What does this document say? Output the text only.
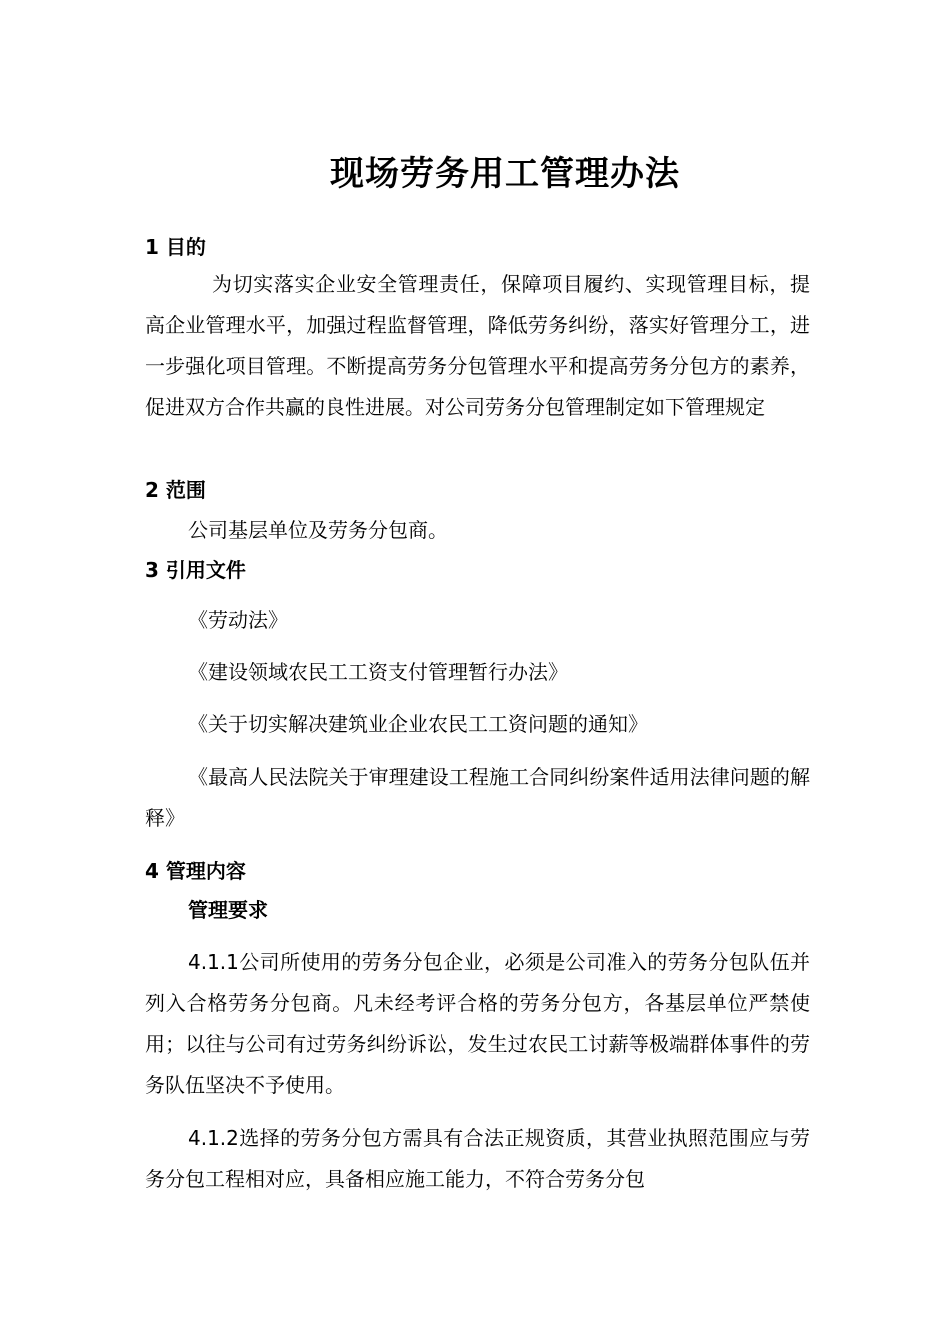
现场劳务用工管理办法
1 目的
为切实落实企业安全管理责任，保障项目履约、实现管理目标，提高企业管理水平，加强过程监督管理，降低劳务纠纷，落实好管理分工，进一步强化项目管理。不断提高劳务分包管理水平和提高劳务分包方的素养，促进双方合作共赢的良性进展。对公司劳务分包管理制定如下管理规定
2 范围
公司基层单位及劳务分包商。
3 引用文件
《劳动法》
《建设领域农民工工资支付管理暂行办法》
《关于切实解决建筑业企业农民工工资问题的通知》
《最高人民法院关于审理建设工程施工合同纠纷案件适用法律问题的解释》
4 管理内容
管理要求
4.1.1公司所使用的劳务分包企业，必须是公司准入的劳务分包队伍并列入合格劳务分包商。凡未经考评合格的劳务分包方，各基层单位严禁使用；以往与公司有过劳务纠纷诉讼，发生过农民工讨薪等极端群体事件的劳务队伍坚决不予使用。
4.1.2选择的劳务分包方需具有合法正规资质，其营业执照范围应与劳务分包工程相对应，具备相应施工能力，不符合劳务分包
